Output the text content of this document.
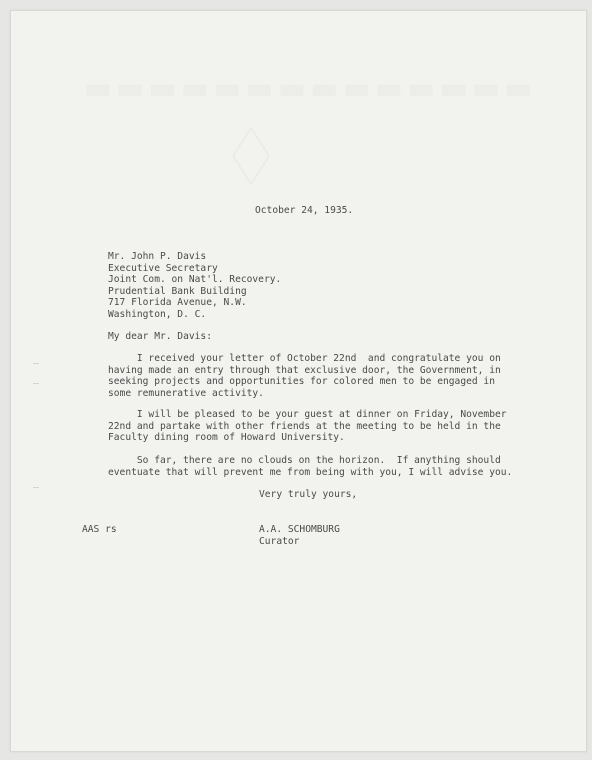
▬▬▬▬▬▬▬▬▬▬▬▬▬▬

October 24, 1935.

Mr. John P. Davis

Executive Secretary

Joint Com. on Nat'l. Recovery.

Prudential Bank Building

717 Florida Avenue, N.W.

Washington, D. C.

My dear Mr. Davis:

I received your letter of October 22nd  and congratulate you on

having made an entry through that exclusive door, the Government, in

seeking projects and opportunities for colored men to be engaged in

some remunerative activity.

I will be pleased to be your guest at dinner on Friday, November

22nd and partake with other friends at the meeting to be held in the

Faculty dining room of Howard University.

So far, there are no clouds on the horizon.  If anything should

eventuate that will prevent me from being with you, I will advise you.

Very truly yours,

AAS rs	A.A. SCHOMBURG

Curator
